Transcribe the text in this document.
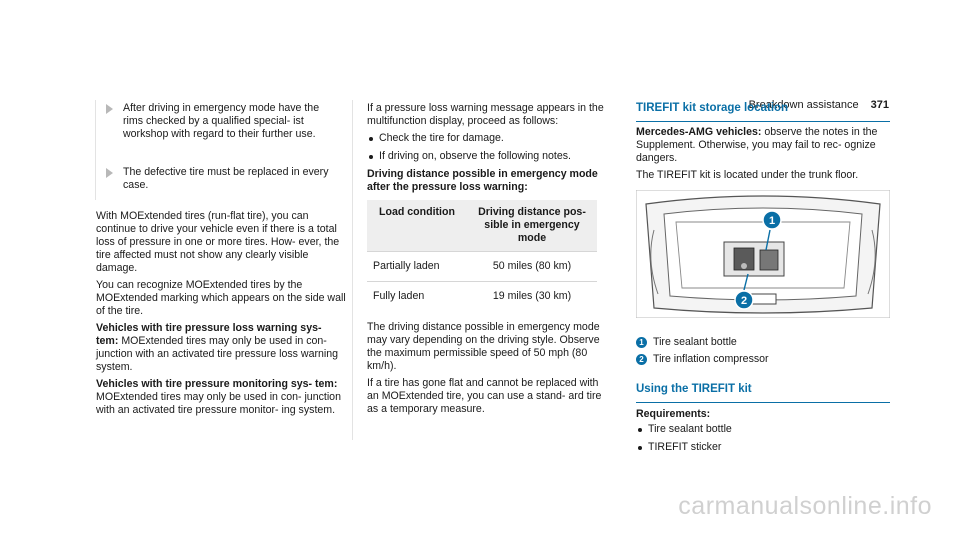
Breakdown assistance 371
After driving in emergency mode have the rims checked by a qualified special- ist workshop with regard to their further use.
The defective tire must be replaced in every case.

With MOExtended tires (run-flat tire), you can continue to drive your vehicle even if there is a total loss of pressure in one or more tires. How- ever, the tire affected must not show any clearly visible damage.

You can recognize MOExtended tires by the MOExtended marking which appears on the side wall of the tire.

Vehicles with tire pressure loss warning sys- tem: MOExtended tires may only be used in con- junction with an activated tire pressure loss warning system.

Vehicles with tire pressure monitoring sys- tem: MOExtended tires may only be used in con- junction with an activated tire pressure monitor- ing system.

If a pressure loss warning message appears in the multifunction display, proceed as follows:

Check the tire for damage.
If driving on, observe the following notes.

Driving distance possible in emergency mode after the pressure loss warning:

Load condition	Driving distance pos- sible in emergency mode
Partially laden	50 miles (80 km)
Fully laden	19 miles (30 km)

The driving distance possible in emergency mode may vary depending on the driving style. Observe the maximum permissible speed of 50 mph (80 km/h).

If a tire has gone flat and cannot be replaced with an MOExtended tire, you can use a stand- ard tire as a temporary measure.

TIREFIT kit storage location

Mercedes-AMG vehicles: observe the notes in the Supplement. Otherwise, you may fail to rec- ognize dangers.

The TIREFIT kit is located under the trunk floor.

1
2
1 Tire sealant bottle
2 Tire inflation compressor
Using the TIREFIT kit

Requirements:

Tire sealant bottle
TIREFIT sticker
carmanualsonline.info
